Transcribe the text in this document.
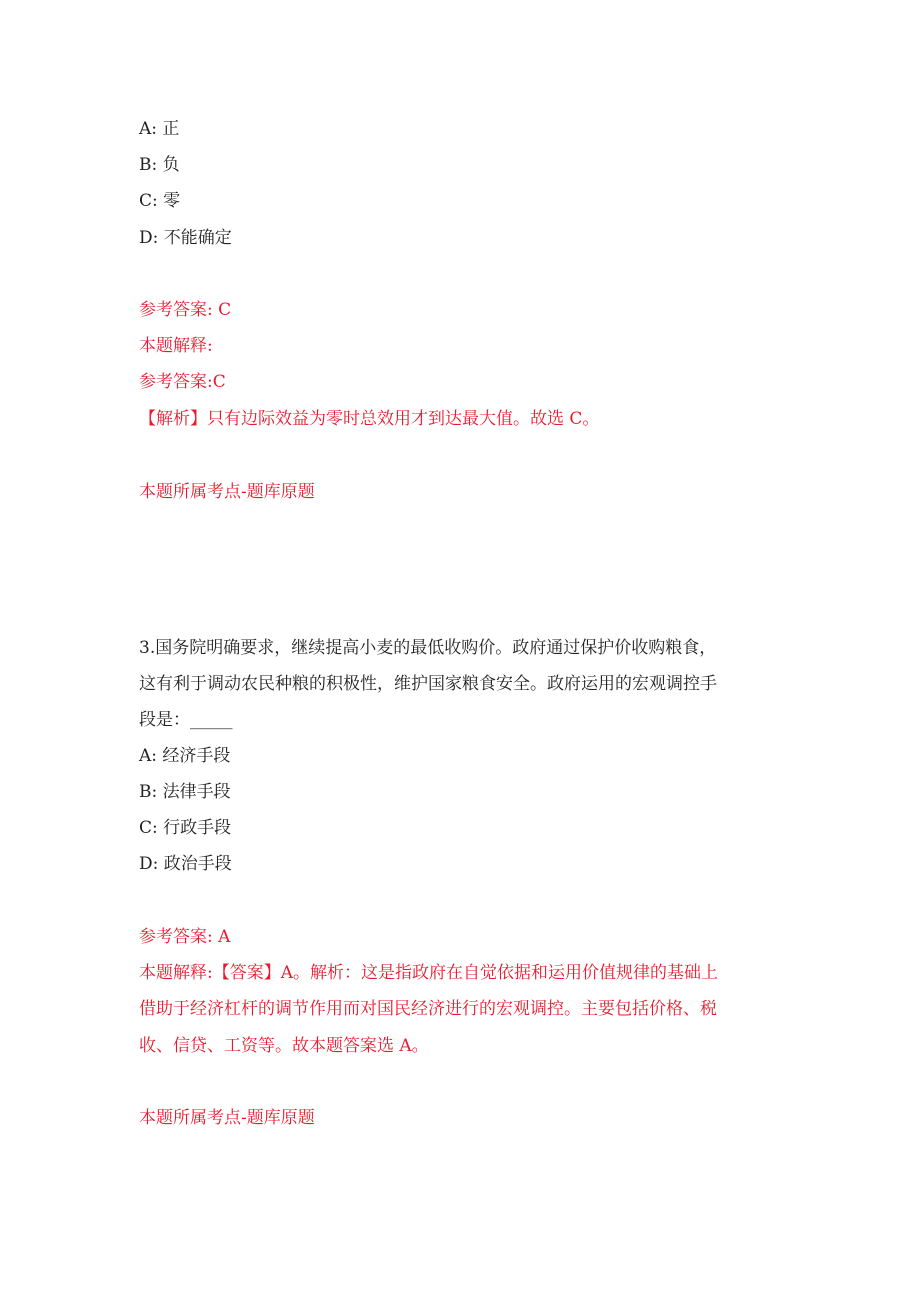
A: 正
B: 负
C: 零
D: 不能确定
参考答案: C
本题解释:
参考答案:C
【解析】只有边际效益为零时总效用才到达最大值。故选 C。
本题所属考点-题库原题
3.国务院明确要求，继续提高小麦的最低收购价。政府通过保护价收购粮食，
这有利于调动农民种粮的积极性，维护国家粮食安全。政府运用的宏观调控手
段是：_____
A: 经济手段
B: 法律手段
C: 行政手段
D: 政治手段
参考答案: A
本题解释:【答案】A。解析：这是指政府在自觉依据和运用价值规律的基础上
借助于经济杠杆的调节作用而对国民经济进行的宏观调控。主要包括价格、税
收、信贷、工资等。故本题答案选 A。
本题所属考点-题库原题
